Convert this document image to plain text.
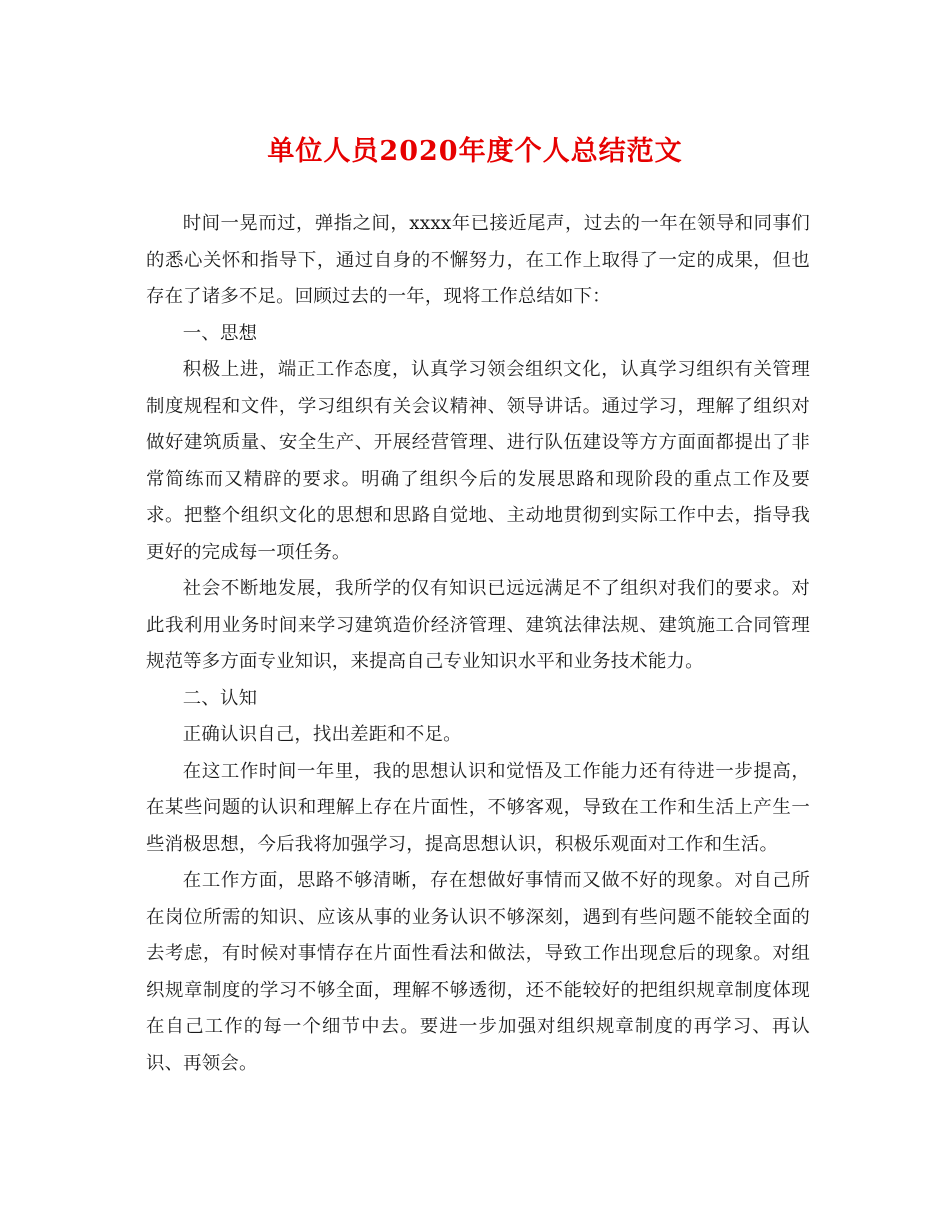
单位人员2020年度个人总结范文

时间一晃而过，弹指之间，xxxx年已接近尾声，过去的一年在领导和同事们的悉心关怀和指导下，通过自身的不懈努力，在工作上取得了一定的成果，但也存在了诸多不足。回顾过去的一年，现将工作总结如下：

一、思想

积极上进，端正工作态度，认真学习领会组织文化，认真学习组织有关管理制度规程和文件，学习组织有关会议精神、领导讲话。通过学习，理解了组织对做好建筑质量、安全生产、开展经营管理、进行队伍建设等方方面面都提出了非常简练而又精辟的要求。明确了组织今后的发展思路和现阶段的重点工作及要求。把整个组织文化的思想和思路自觉地、主动地贯彻到实际工作中去，指导我更好的完成每一项任务。

社会不断地发展，我所学的仅有知识已远远满足不了组织对我们的要求。对此我利用业务时间来学习建筑造价经济管理、建筑法律法规、建筑施工合同管理规范等多方面专业知识，来提高自己专业知识水平和业务技术能力。

二、认知

正确认识自己，找出差距和不足。

在这工作时间一年里，我的思想认识和觉悟及工作能力还有待进一步提高，在某些问题的认识和理解上存在片面性，不够客观，导致在工作和生活上产生一些消极思想，今后我将加强学习，提高思想认识，积极乐观面对工作和生活。

在工作方面，思路不够清晰，存在想做好事情而又做不好的现象。对自己所在岗位所需的知识、应该从事的业务认识不够深刻，遇到有些问题不能较全面的去考虑，有时候对事情存在片面性看法和做法，导致工作出现怠后的现象。对组织规章制度的学习不够全面，理解不够透彻，还不能较好的把组织规章制度体现在自己工作的每一个细节中去。要进一步加强对组织规章制度的再学习、再认识、再领会。
